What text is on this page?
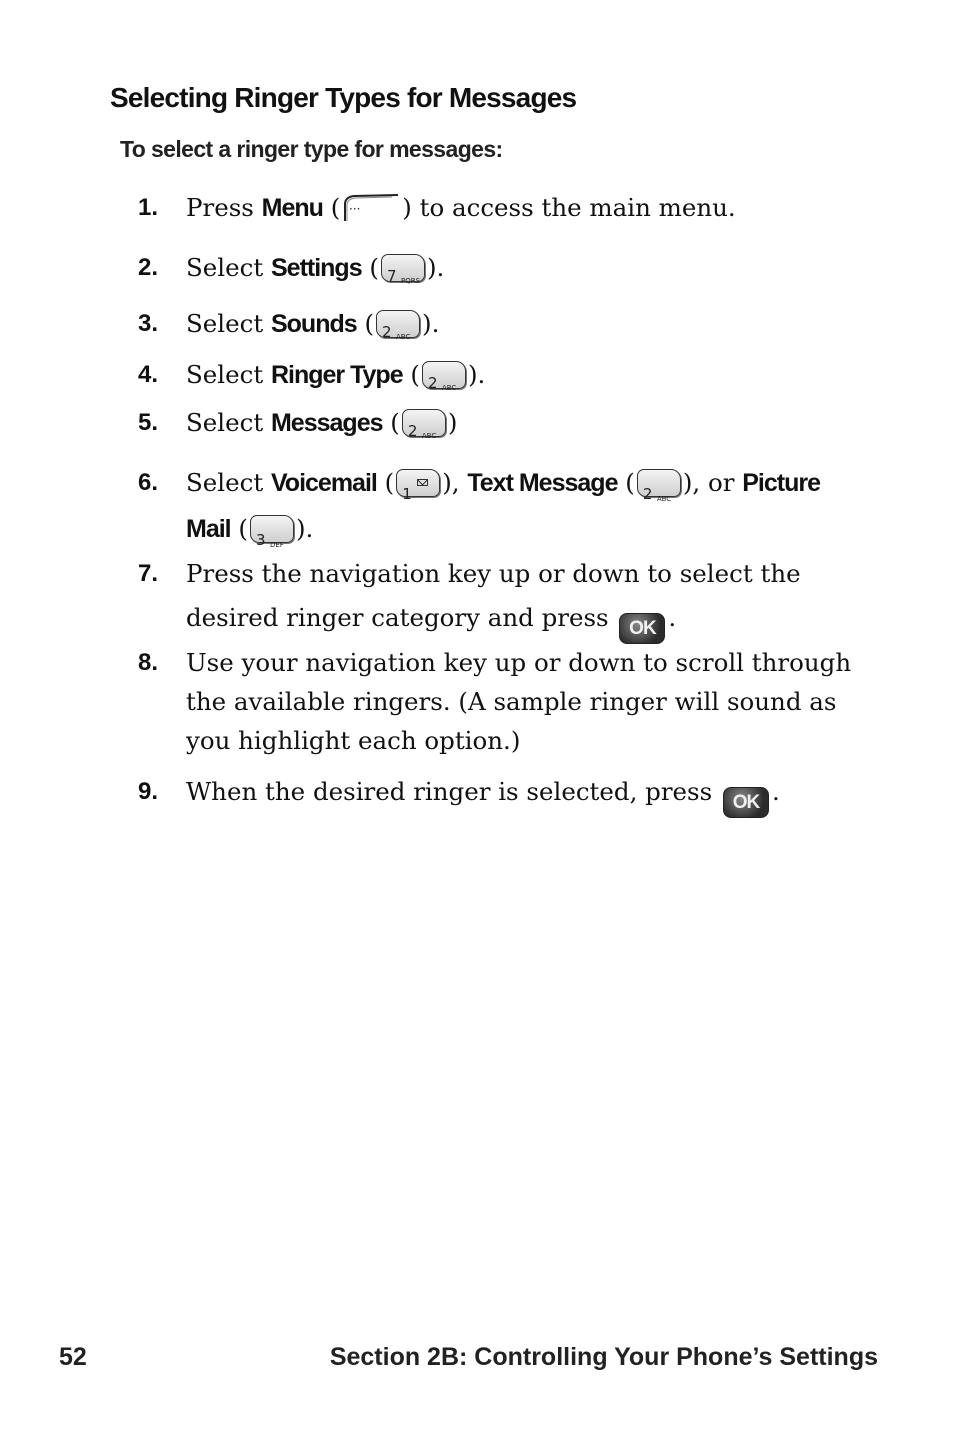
Selecting Ringer Types for Messages

To select a ringer type for messages:

1.	Press Menu ( ··· ) to access the main menu.
2.	Select Settings ( 7 PQRS ).
3.	Select Sounds ( 2 ABC ).
4.	Select Ringer Type ( 2 ABC ).
5.	Select Messages ( 2 ABC )
6.	Select Voicemail ( 1 ), Text Message ( 2 ABC
), or Picture Mail ( 3 DEF
).
7.	Press the navigation key up or down to select the desired ringer category and press OK .
8.	Use your navigation key up or down to scroll through the available ringers. (A sample ringer will sound as you highlight each option.)
9.	When the desired ringer is selected, press OK .
52	Section 2B: Controlling Your Phone’s Settings
